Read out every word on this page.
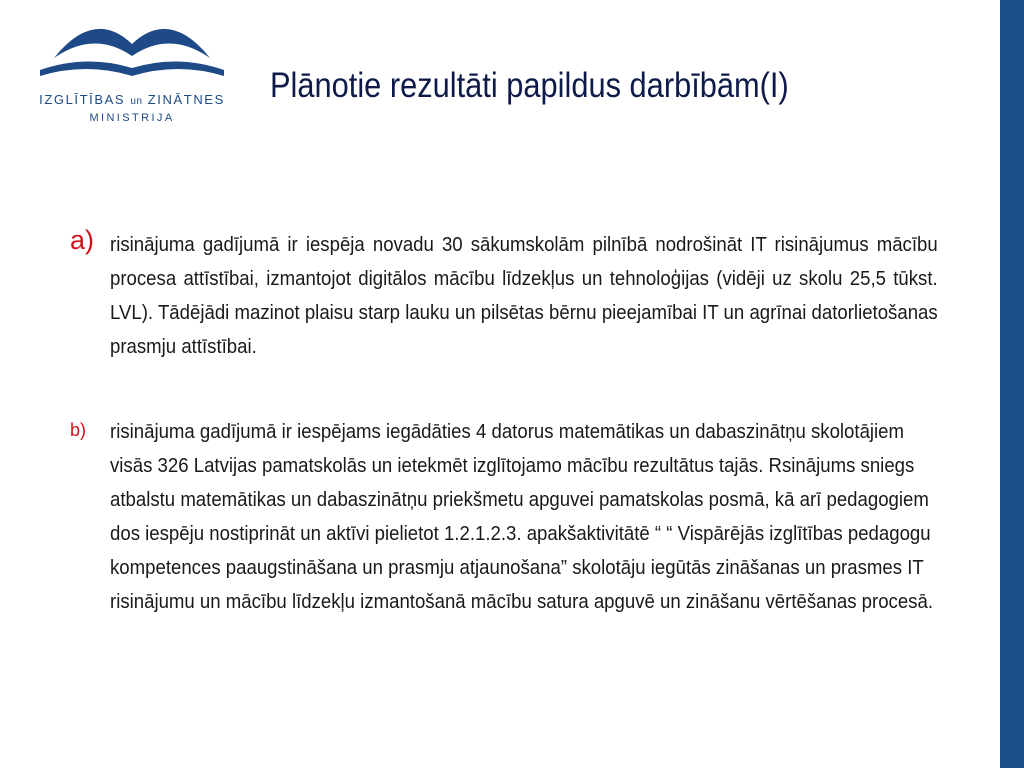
IZGLĪTĪBAS un ZINĀTNES
MINISTRIJA
Plānotie rezultāti papildus darbībām(I)
a) risinājuma gadījumā ir iespēja novadu 30 sākumskolām pilnībā nodrošināt IT risinājumus mācību procesa attīstībai, izmantojot digitālos mācību līdzekļus un tehnoloģijas (vidēji uz skolu 25,5 tūkst. LVL). Tādējādi mazinot plaisu starp lauku un pilsētas bērnu pieejamībai IT un agrīnai datorlietošanas prasmju attīstībai.

b) risinājuma gadījumā ir iespējams iegādāties 4 datorus matemātikas un dabaszinātņu skolotājiem visās 326 Latvijas pamatskolās un ietekmēt izglītojamo mācību rezultātus tajās. Rsinājums sniegs atbalstu matemātikas un dabaszinātņu priekšmetu apguvei pamatskolas posmā, kā arī pedagogiem dos iespēju nostiprināt un aktīvi pielietot 1.2.1.2.3. apakšaktivitātē “ “ Vispārējās izglītības pedagogu kompetences paaugstināšana un prasmju atjaunošana” skolotāju iegūtās zināšanas un prasmes IT risinājumu un mācību līdzekļu izmantošanā mācību satura apguvē un zināšanu vērtēšanas procesā.
